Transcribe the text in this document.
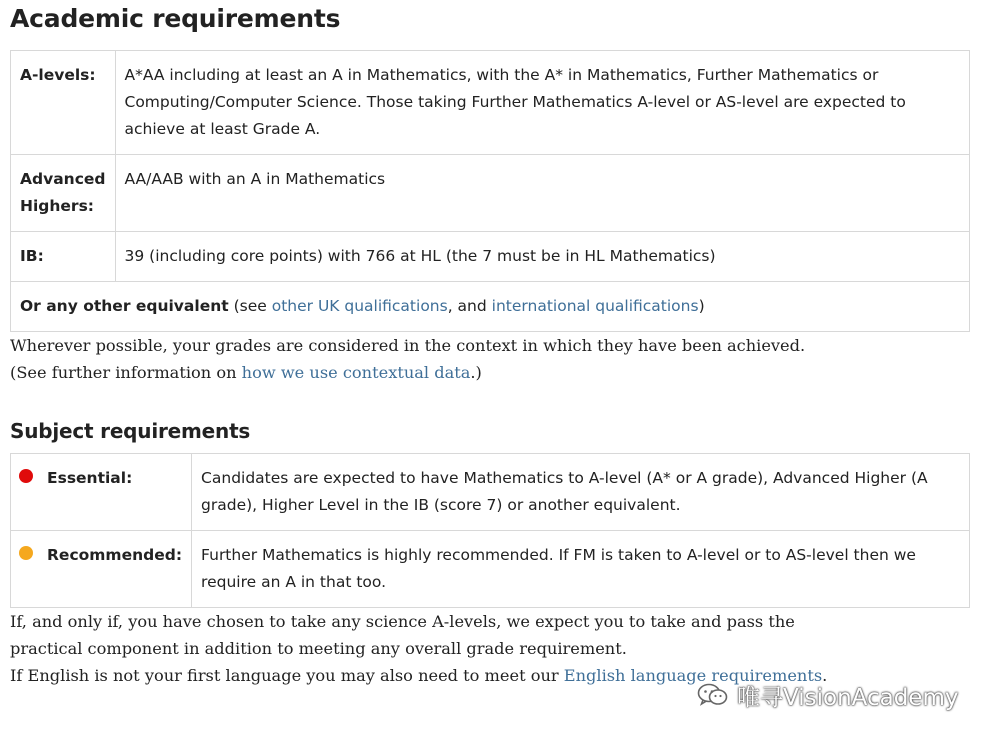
Academic requirements
A-levels:	A*AA including at least an A in Mathematics, with the A* in Mathematics, Further Mathematics or Computing/Computer Science. Those taking Further Mathematics A-level or AS-level are expected to achieve at least Grade A.

Advanced Highers:	AA/AAB with an A in Mathematics

IB:	39 (including core points) with 766 at HL (the 7 must be in HL Mathematics)

Or any other equivalent (see other UK qualifications, and international qualifications)	

Wherever possible, your grades are considered in the context in which they have been achieved. (See further information on how we use contextual data.)

Subject requirements
Essential:	Candidates are expected to have Mathematics to A-level (A* or A grade), Advanced Higher (A grade), Higher Level in the IB (score 7) or another equivalent.

Recommended:	Further Mathematics is highly recommended. If FM is taken to A-level or to AS-level then we require an A in that too.

If, and only if, you have chosen to take any science A-levels, we expect you to take and pass the practical component in addition to meeting any overall grade requirement.

If English is not your first language you may also need to meet our English language requirements.

唯寻VisionAcademy
